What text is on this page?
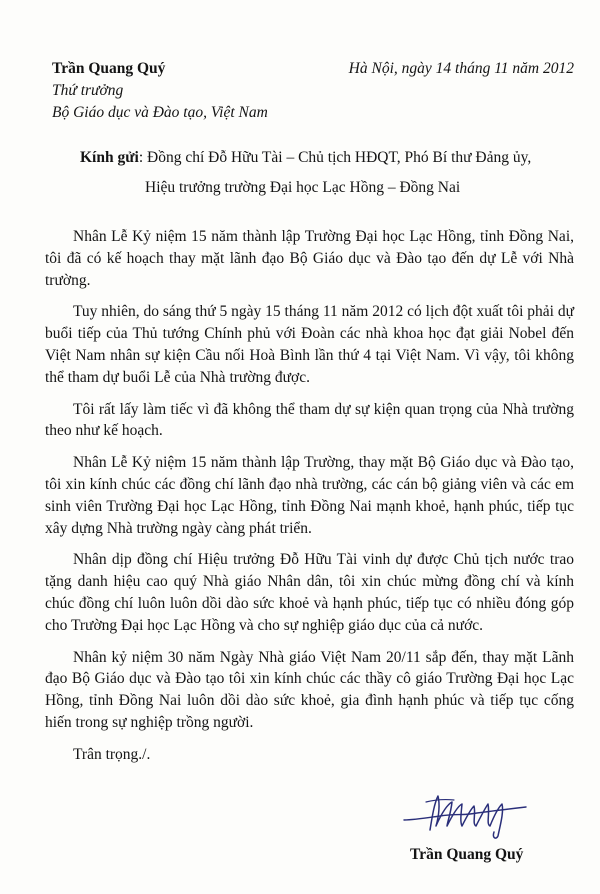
Trần Quang Quý
Thứ trưởng
Bộ Giáo dục và Đào tạo, Việt Nam
Hà Nội, ngày 14 tháng 11 năm 2012
Kính gửi: Đồng chí Đỗ Hữu Tài – Chủ tịch HĐQT, Phó Bí thư Đảng ủy,
Hiệu trưởng trường Đại học Lạc Hồng – Đồng Nai

Nhân Lễ Kỷ niệm 15 năm thành lập Trường Đại học Lạc Hồng, tỉnh Đồng Nai, tôi đã có kế hoạch thay mặt lãnh đạo Bộ Giáo dục và Đào tạo đến dự Lễ với Nhà trường.

Tuy nhiên, do sáng thứ 5 ngày 15 tháng 11 năm 2012 có lịch đột xuất tôi phải dự buổi tiếp của Thủ tướng Chính phủ với Đoàn các nhà khoa học đạt giải Nobel đến Việt Nam nhân sự kiện Cầu nối Hoà Bình lần thứ 4 tại Việt Nam. Vì vậy, tôi không thể tham dự buổi Lễ của Nhà trường được.

Tôi rất lấy làm tiếc vì đã không thể tham dự sự kiện quan trọng của Nhà trường theo như kế hoạch.

Nhân Lễ Kỷ niệm 15 năm thành lập Trường, thay mặt Bộ Giáo dục và Đào tạo, tôi xin kính chúc các đồng chí lãnh đạo nhà trường, các cán bộ giảng viên và các em sinh viên Trường Đại học Lạc Hồng, tỉnh Đồng Nai mạnh khoẻ, hạnh phúc, tiếp tục xây dựng Nhà trường ngày càng phát triển.

Nhân dịp đồng chí Hiệu trưởng Đỗ Hữu Tài vinh dự được Chủ tịch nước trao tặng danh hiệu cao quý Nhà giáo Nhân dân, tôi xin chúc mừng đồng chí và kính chúc đồng chí luôn luôn dồi dào sức khoẻ và hạnh phúc, tiếp tục có nhiều đóng góp cho Trường Đại học Lạc Hồng và cho sự nghiệp giáo dục của cả nước.

Nhân kỷ niệm 30 năm Ngày Nhà giáo Việt Nam 20/11 sắp đến, thay mặt Lãnh đạo Bộ Giáo dục và Đào tạo tôi xin kính chúc các thầy cô giáo Trường Đại học Lạc Hồng, tỉnh Đồng Nai luôn dồi dào sức khoẻ, gia đình hạnh phúc và tiếp tục cống hiến trong sự nghiệp trồng người.

Trân trọng./.

Trần Quang Quý
